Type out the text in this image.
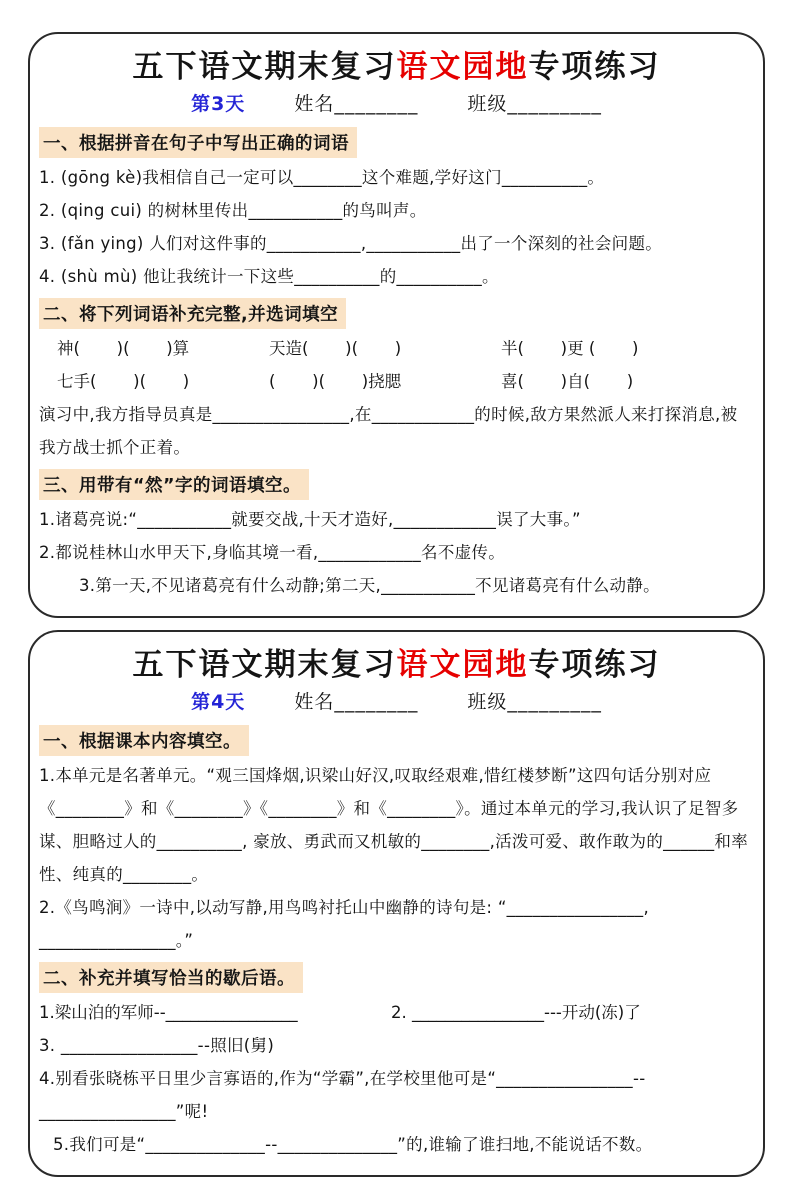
五下语文期末复习语文园地专项练习
第3天	姓名________	班级_________
一、根据拼音在句子中写出正确的词语

1. (gōng kè)我相信自己一定可以________这个难题,学好这门__________。

2. (qing cui) 的树林里传出___________的鸟叫声。

3. (fǎn ying) 人们对这件事的___________,___________出了一个深刻的社会问题。

4. (shù mù) 他让我统计一下这些__________的__________。

二、将下列词语补充完整,并选词填空
神(       )(       )算	天造(       )(       )	半(       )更 (       )
七手(       )(       )	(       )(       )挠腮	喜(       )自(       )

演习中,我方指导员真是________________,在____________的时候,敌方果然派人来打探消息,被我方战士抓个正着。

三、用带有“然”字的词语填空。

1.诸葛亮说:“___________就要交战,十天才造好,____________误了大事。”

2.都说桂林山水甲天下,身临其境一看,____________名不虚传。

3.第一天,不见诸葛亮有什么动静;第二天,___________不见诸葛亮有什么动静。

五下语文期末复习语文园地专项练习
第4天	姓名________	班级_________
一、根据课本内容填空。

1.本单元是名著单元。“观三国烽烟,识梁山好汉,叹取经艰难,惜红楼梦断”这四句话分别对应《________》和《________》《________》和《________》。通过本单元的学习,我认识了足智多谋、胆略过人的__________, 豪放、勇武而又机敏的________,活泼可爱、敢作敢为的______和率性、纯真的________。

2.《鸟鸣涧》一诗中,以动写静,用鸟鸣衬托山中幽静的诗句是: “________________, ________________。”

二、补充并填写恰当的歇后语。
1.梁山泊的军师--________________	2. ________________---开动(冻)了

3. ________________--照旧(舅)

4.别看张晓栋平日里少言寡语的,作为“学霸”,在学校里他可是“________________--________________”呢!

5.我们可是“______________--______________”的,谁输了谁扫地,不能说话不数。
